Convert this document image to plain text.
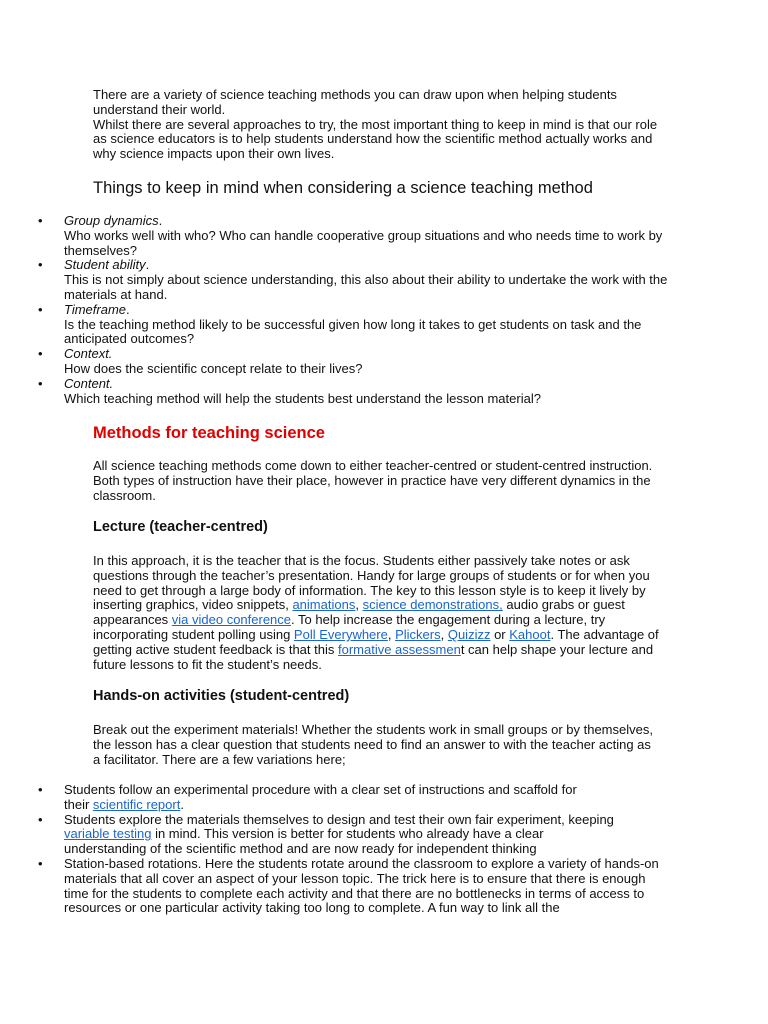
There are a variety of science teaching methods you can draw upon when helping students understand their world.

Whilst there are several approaches to try, the most important thing to keep in mind is that our role as science educators is to help students understand how the scientific method actually works and why science impacts upon their own lives.

Things to keep in mind when considering a science teaching method
• Group dynamics.
Who works well with who? Who can handle cooperative group situations and who needs time to work by themselves?
• Student ability.
This is not simply about science understanding, this also about their ability to undertake the work with the materials at hand.
• Timeframe.
Is the teaching method likely to be successful given how long it takes to get students on task and the anticipated outcomes?
• Context.
How does the scientific concept relate to their lives?
• Content.
Which teaching method will help the students best understand the lesson material?
Methods for teaching science

All science teaching methods come down to either teacher-centred or student-centred instruction. Both types of instruction have their place, however in practice have very different dynamics in the classroom.

Lecture (teacher-centred)

In this approach, it is the teacher that is the focus. Students either passively take notes or ask questions through the teacher’s presentation. Handy for large groups of students or for when you need to get through a large body of information. The key to this lesson style is to keep it lively by inserting graphics, video snippets, animations, science demonstrations, audio grabs or guest appearances via video conference. To help increase the engagement during a lecture, try incorporating student polling using Poll Everywhere, Plickers, Quizizz or Kahoot. The advantage of getting active student feedback is that this formative assessment can help shape your lecture and future lessons to fit the student’s needs.

Hands-on activities (student-centred)

Break out the experiment materials! Whether the students work in small groups or by themselves, the lesson has a clear question that students need to find an answer to with the teacher acting as a facilitator. There are a few variations here;

• Students follow an experimental procedure with a clear set of instructions and scaffold for their scientific report.
• Students explore the materials themselves to design and test their own fair experiment, keeping variable testing in mind. This version is better for students who already have a clear understanding of the scientific method and are now ready for independent thinking
• Station-based rotations. Here the students rotate around the classroom to explore a variety of hands-on materials that all cover an aspect of your lesson topic. The trick here is to ensure that there is enough time for the students to complete each activity and that there are no bottlenecks in terms of access to resources or one particular activity taking too long to complete. A fun way to link all the
